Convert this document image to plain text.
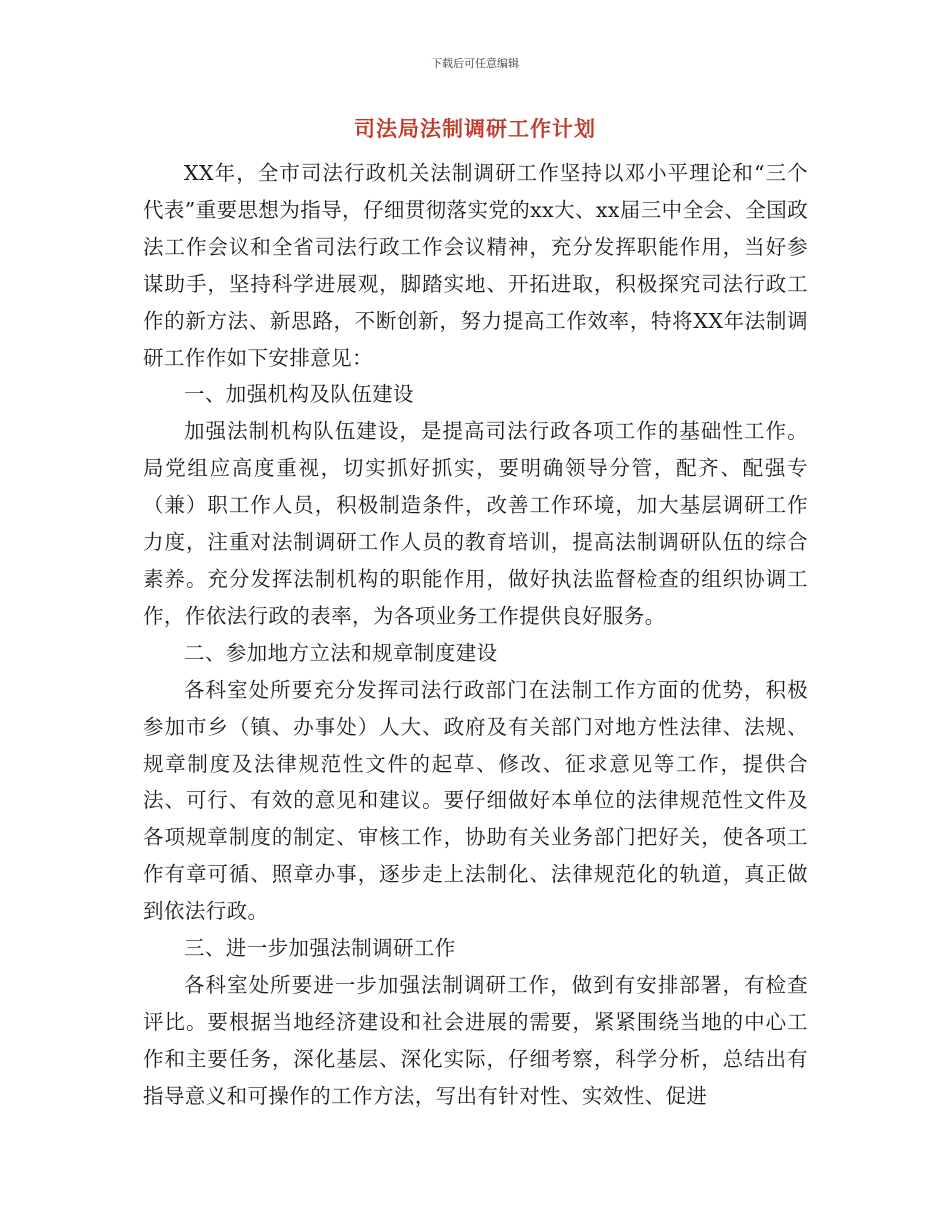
下载后可任意编辑
司法局法制调研工作计划

XX年，全市司法行政机关法制调研工作坚持以邓小平理论和“三个代表”重要思想为指导，仔细贯彻落实党的xx大、xx届三中全会、全国政法工作会议和全省司法行政工作会议精神，充分发挥职能作用，当好参谋助手，坚持科学进展观，脚踏实地、开拓进取，积极探究司法行政工作的新方法、新思路，不断创新，努力提高工作效率，特将XX年法制调研工作作如下安排意见：

一、加强机构及队伍建设

加强法制机构队伍建设，是提高司法行政各项工作的基础性工作。局党组应高度重视，切实抓好抓实，要明确领导分管，配齐、配强专（兼）职工作人员，积极制造条件，改善工作环境，加大基层调研工作力度，注重对法制调研工作人员的教育培训，提高法制调研队伍的综合素养。充分发挥法制机构的职能作用，做好执法监督检查的组织协调工作，作依法行政的表率，为各项业务工作提供良好服务。

二、参加地方立法和规章制度建设

各科室处所要充分发挥司法行政部门在法制工作方面的优势，积极参加市乡（镇、办事处）人大、政府及有关部门对地方性法律、法规、规章制度及法律规范性文件的起草、修改、征求意见等工作，提供合法、可行、有效的意见和建议。要仔细做好本单位的法律规范性文件及各项规章制度的制定、审核工作，协助有关业务部门把好关，使各项工作有章可循、照章办事，逐步走上法制化、法律规范化的轨道，真正做到依法行政。

三、进一步加强法制调研工作

各科室处所要进一步加强法制调研工作，做到有安排部署，有检查评比。要根据当地经济建设和社会进展的需要，紧紧围绕当地的中心工作和主要任务，深化基层、深化实际，仔细考察，科学分析，总结出有指导意义和可操作的工作方法，写出有针对性、实效性、促进
